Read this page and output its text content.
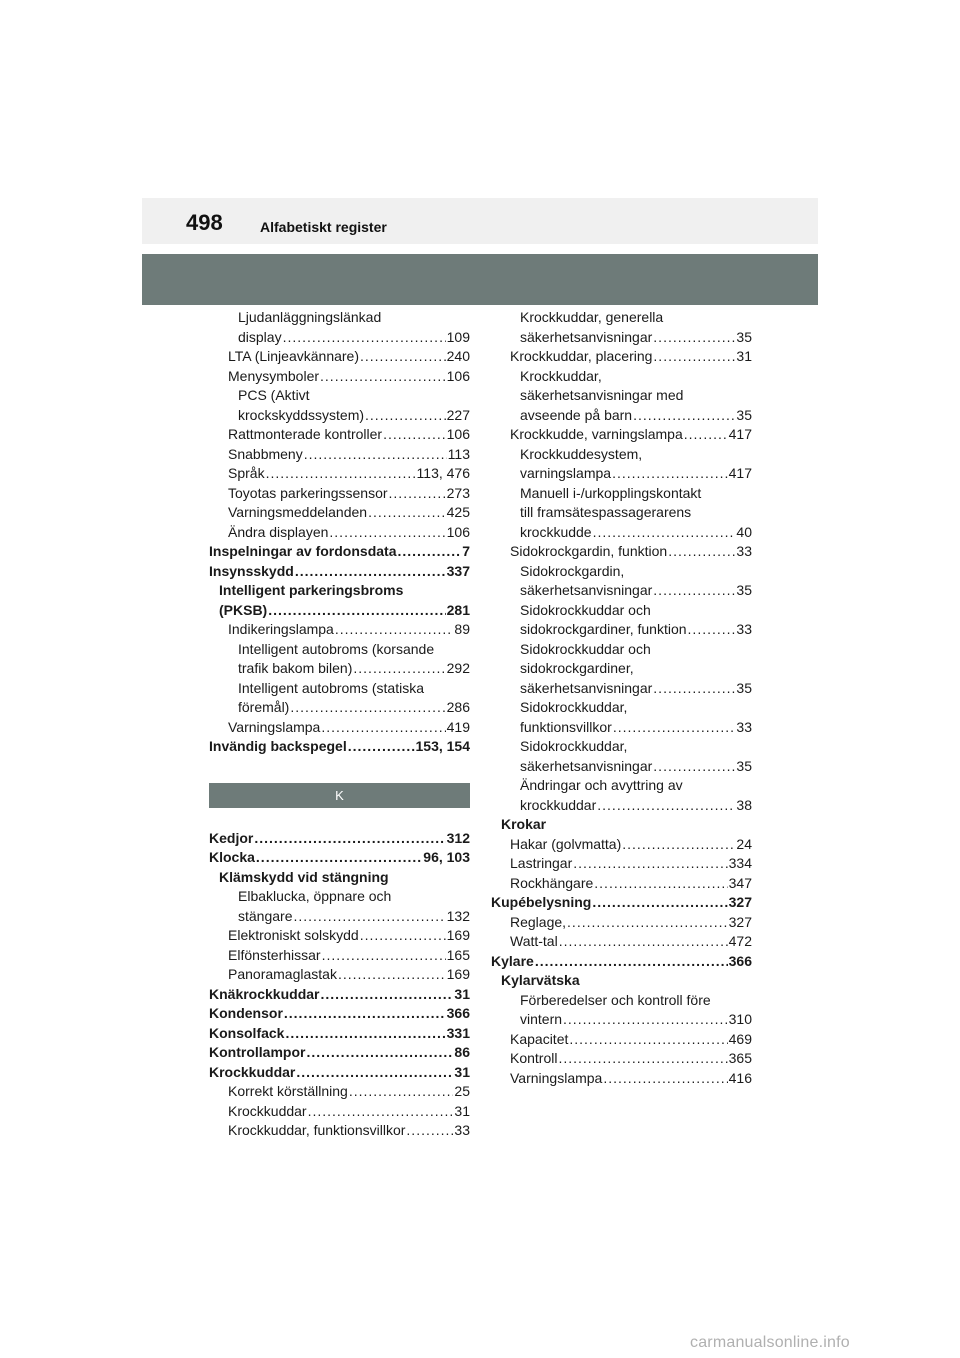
498	Alfabetiskt register
Ljudanläggningslänkad
display .....	109
LTA (Linjeavkännare) .....	240
Menysymboler .....	106
PCS (Aktivt
krockskyddssystem) .....	227
Rattmonterade kontroller .....	106
Snabbmeny .....	113
Språk .....	113, 476
Toyotas parkeringssensor .....	273
Varningsmeddelanden .....	425
Ändra displayen .....	106
Inspelningar av fordonsdata .....	7
Insynsskydd .....	337
Intelligent parkeringsbroms
(PKSB) .....	281
Indikeringslampa .....	89
Intelligent autobroms (korsande
trafik bakom bilen) .....	292
Intelligent autobroms (statiska
föremål) .....	286
Varningslampa .....	419
Invändig backspegel .....	153, 154
K
Kedjor .....	312
Klocka .....	96, 103
Klämskydd vid stängning
Elbaklucka, öppnare och
stängare .....	132
Elektroniskt solskydd .....	169
Elfönsterhissar .....	165
Panoramaglastak .....	169
Knäkrockkuddar .....	31
Kondensor .....	366
Konsolfack .....	331
Kontrollampor .....	86
Krockkuddar .....	31
Korrekt körställning .....	25
Krockkuddar .....	31
Krockkuddar, funktionsvillkor .....	33
Krockkuddar, generella
säkerhetsanvisningar .....	35
Krockkuddar, placering .....	31
Krockkuddar,
säkerhetsanvisningar med
avseende på barn .....	35
Krockkudde, varningslampa .....	417
Krockkuddesystem,
varningslampa .....	417
Manuell i-/urkopplingskontakt
till framsätespassagerarens
krockkudde .....	40
Sidokrockgardin, funktion .....	33
Sidokrockgardin,
säkerhetsanvisningar .....	35
Sidokrockkuddar och
sidokrockgardiner, funktion .....	33
Sidokrockkuddar och
sidokrockgardiner,
säkerhetsanvisningar .....	35
Sidokrockkuddar,
funktionsvillkor .....	33
Sidokrockkuddar,
säkerhetsanvisningar .....	35
Ändringar och avyttring av
krockkuddar .....	38
Krokar
Hakar (golvmatta) .....	24
Lastringar .....	334
Rockhängare .....	347
Kupébelysning .....	327
Reglage, .....	327
Watt-tal .....	472
Kylare .....	366
Kylarvätska
Förberedelser och kontroll före
vintern .....	310
Kapacitet .....	469
Kontroll .....	365
Varningslampa .....	416
carmanualsonline.info
